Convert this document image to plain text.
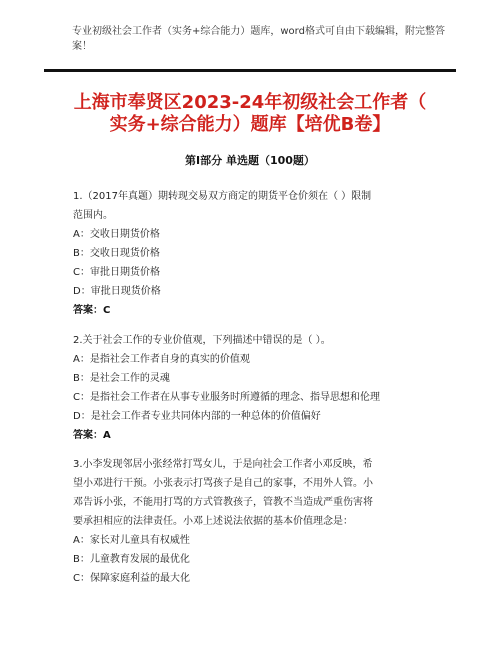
专业初级社会工作者（实务+综合能力）题库，word格式可自由下载编辑，附完整答案！
上海市奉贤区2023-24年初级社会工作者（
实务+综合能力）题库【培优B卷】
第Ⅰ部分 单选题（100题）

1.（2017年真题）期转现交易双方商定的期货平仓价须在（ ）限制

范围内。

A：交收日期货价格

B：交收日现货价格

C：审批日期货价格

D：审批日现货价格

答案：C

2.关于社会工作的专业价值观，下列描述中错误的是（ ）。

A：是指社会工作者自身的真实的价值观

B：是社会工作的灵魂

C：是指社会工作者在从事专业服务时所遵循的理念、指导思想和伦理

D：是社会工作者专业共同体内部的一种总体的价值偏好

答案：A

3.小李发现邻居小张经常打骂女儿，于是向社会工作者小邓反映，希

望小邓进行干预。小张表示打骂孩子是自己的家事，不用外人管。小

邓告诉小张，不能用打骂的方式管教孩子，管教不当造成严重伤害将

要承担相应的法律责任。小邓上述说法依据的基本价值理念是：

A：家长对儿童具有权威性

B：儿童教育发展的最优化

C：保障家庭利益的最大化
